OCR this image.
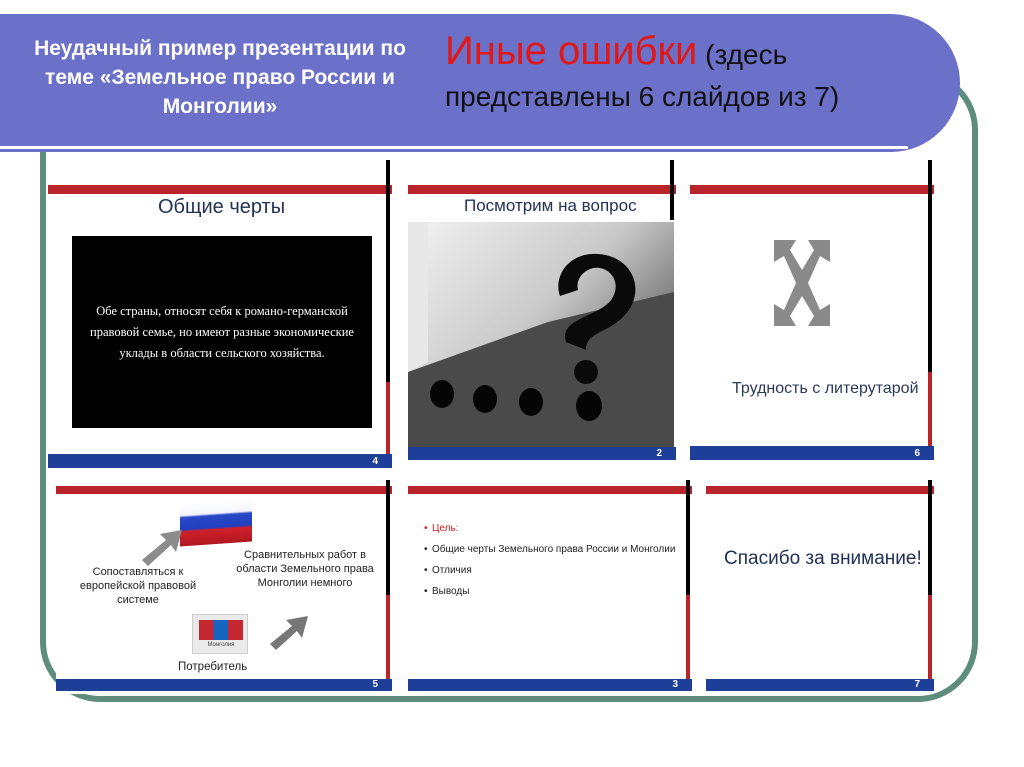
Неудачный пример презентации по теме «Земельное право России и Монголии»
Иные ошибки (здесь представлены 6 слайдов из 7)
Общие черты
Обе страны, относят себя к романо-германской правовой семье, но имеют разные экономические уклады в области сельского хозяйства.
4
Посмотрим на вопрос
2
Трудность с литерутарой
6
Сопоставляться к европейской правовой системе
Сравнительных работ в области Земельного права Монголии немного
Монголия
Потребитель
5
• Цель:
• Общие черты Земельного права России и Монголии
• Отличия
• Выводы
3
Спасибо за внимание!
7
